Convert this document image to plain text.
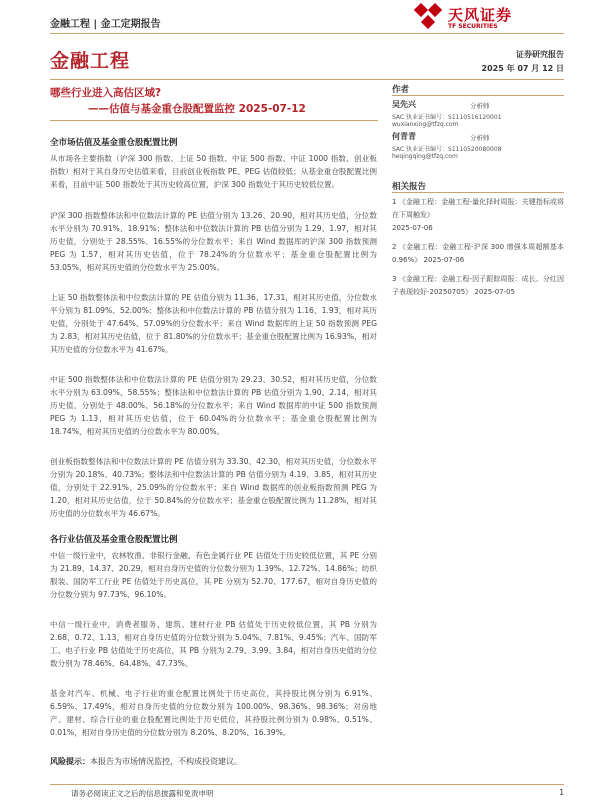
金融工程 | 金工定期报告
天风证券
TF SECURITIES
金融工程	证券研究报告
2025 年 07 月 12 日
哪些行业进入高估区域?
——估值与基金重仓股配置监控 2025-07-12
全市场估值及基金重仓股配置比例

从市场各主要指数（沪深 300 指数、上证 50 指数、中证 500 指数、中证 1000 指数、创业板指数）相对于其自身历史估值来看，目前创业板指数 PE、PEG 估值较低；从基金重仓股配置比例来看，目前中证 500 指数处于其历史较高位置，沪深 300 指数处于其历史较低位置。

沪深 300 指数整体法和中位数法计算的 PE 估值分别为 13.26、20.90，相对其历史值，分位数水平分别为 70.91%、18.91%；整体法和中位数法计算的 PB 估值分别为 1.29、1.97，相对其历史值，分别处于 28.55%、16.55%的分位数水平；来自 Wind 数据库的沪深 300 指数预测 PEG 为 1.57，相对其历史估值，位于 78.24%的分位数水平；基金重仓股配置比例为 53.05%，相对其历史值的分位数水平为 25.00%。

上证 50 指数整体法和中位数法计算的 PE 估值分别为 11.36、17.31，相对其历史值，分位数水平分别为 81.09%、52.00%；整体法和中位数法计算的 PB 估值分别为 1.16、1.93，相对其历史值，分别处于 47.64%、57.09%的分位数水平；来自 Wind 数据库的上证 50 指数预测 PEG 为 2.83，相对其历史估值，位于 81.80%的分位数水平；基金重仓股配置比例为 16.93%，相对其历史值的分位数水平为 41.67%。

中证 500 指数整体法和中位数法计算的 PE 估值分别为 29.23、30.52，相对其历史值，分位数水平分别为 63.09%、58.55%；整体法和中位数法计算的 PB 估值分别为 1.90、2.14，相对其历史值，分别处于 48.00%、56.18%的分位数水平；来自 Wind 数据库的中证 500 指数预测 PEG 为 1.13，相对其历史估值，位于 60.04%的分位数水平；基金重仓股配置比例为 18.74%，相对其历史值的分位数水平为 80.00%。

创业板指数整体法和中位数法计算的 PE 估值分别为 33.30、42.30，相对其历史值，分位数水平分别为 20.18%、40.73%；整体法和中位数法计算的 PB 估值分别为 4.19、3.85，相对其历史值，分别处于 22.91%、25.09%的分位数水平；来自 Wind 数据库的创业板指数预测 PEG 为 1.20，相对其历史估值，位于 50.84%的分位数水平；基金重仓股配置比例为 11.28%，相对其历史值的分位数水平为 46.67%。

各行业估值及基金重仓股配置比例

中信一级行业中，农林牧渔、非银行金融、有色金属行业 PE 估值处于历史较低位置，其 PE 分别为 21.89、14.37、20.29，相对自身历史值的分位数分别为 1.39%、12.72%、14.86%；纺织服装、国防军工行业 PE 估值处于历史高位，其 PE 分别为 52.70、177.67，相对自身历史值的分位数分别为 97.73%、96.10%。

中信一级行业中，消费者服务、建筑、建材行业 PB 估值处于历史较低位置，其 PB 分别为 2.68、0.72、1.13，相对自身历史值的分位数分别为 5.04%、7.81%、9.45%；汽车、国防军工、电子行业 PB 估值处于历史高位，其 PB 分别为 2.79、3.99、3.84，相对自身历史值的分位数分别为 78.46%、64.48%、47.73%。

基金对汽车、机械、电子行业的重仓配置比例处于历史高位，其持股比例分别为 6.91%、6.59%、17.49%，相对自身历史值的分位数分别为 100.00%、98.36%、98.36%；对房地产、建材、综合行业的重仓股配置比例处于历史低位，其持股比例分别为 0.98%、0.51%、0.01%，相对自身历史值的分位数分别为 8.20%、8.20%、16.39%。

风险提示：本报告为市场情况监控，不构成投资建议。
作者
吴先兴	分析师
SAC 执业证书编号：S1110516120001
wuxianxing@tfzq.com
何青青	分析师
SAC 执业证书编号：S1110520080008
heqingqing@tfzq.com
相关报告

1 《金融工程：金融工程-量化择时周报：关键指标或将在下周触发》
2025-07-06

2 《金融工程：金融工程-沪深 300 增强本周超额基本 0.96%》 2025-07-06

3 《金融工程：金融工程-因子跟踪周报：成长、分红因子表现较好-20250705》 2025-07-05

请务必阅读正文之后的信息披露和免责申明	1
